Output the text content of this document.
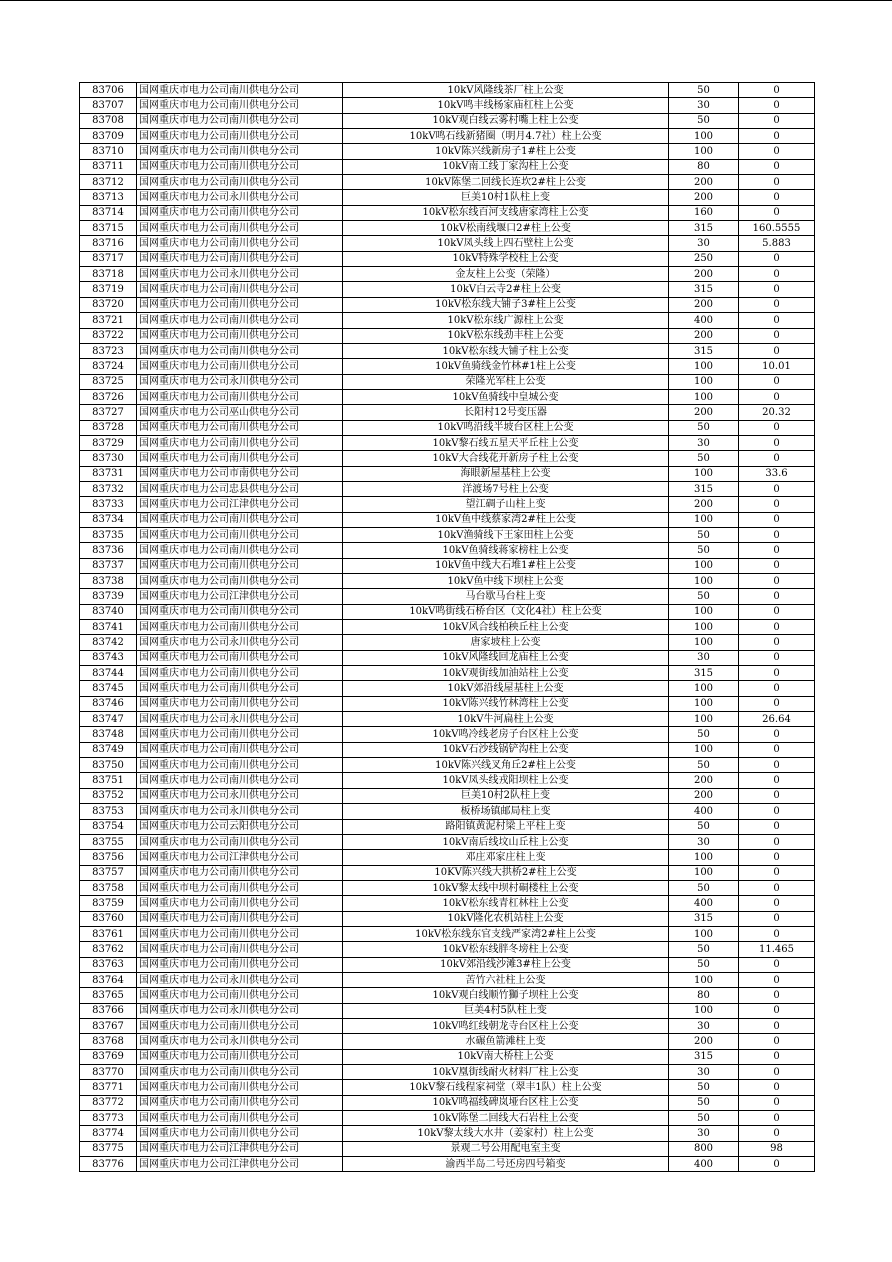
83706	国网重庆市电力公司南川供电分公司	10kV风隆线茶厂柱上公变	50	0
83707	国网重庆市电力公司南川供电分公司	10kV鸣丰线杨家庙杠柱上公变	30	0
83708	国网重庆市电力公司南川供电分公司	10kV观白线云雾村嘴上柱上公变	50	0
83709	国网重庆市电力公司南川供电分公司	10kV鸣石线新猪圈（明月4.7社）柱上公变	100	0
83710	国网重庆市电力公司南川供电分公司	10kV陈兴线新房子1#柱上公变	100	0
83711	国网重庆市电力公司南川供电分公司	10kV南工线丁家沟柱上公变	80	0
83712	国网重庆市电力公司南川供电分公司	10kV陈堡二回线长连坎2#柱上公变	200	0
83713	国网重庆市电力公司永川供电分公司	巨美10村1队柱上变	200	0
83714	国网重庆市电力公司南川供电分公司	10kV松东线百河支线唐家湾柱上公变	160	0
83715	国网重庆市电力公司南川供电分公司	10kV松南线堰口2#柱上公变	315	160.5555
83716	国网重庆市电力公司南川供电分公司	10kV凤头线上四石壁柱上公变	30	5.883
83717	国网重庆市电力公司南川供电分公司	10kV特殊学校柱上公变	250	0
83718	国网重庆市电力公司永川供电分公司	金友柱上公变（荣隆）	200	0
83719	国网重庆市电力公司南川供电分公司	10kV白云寺2#柱上公变	315	0
83720	国网重庆市电力公司南川供电分公司	10kV松东线大铺子3#柱上公变	200	0
83721	国网重庆市电力公司南川供电分公司	10kV松东线广源柱上公变	400	0
83722	国网重庆市电力公司南川供电分公司	10kV松东线劲丰柱上公变	200	0
83723	国网重庆市电力公司南川供电分公司	10kV松东线大铺子柱上公变	315	0
83724	国网重庆市电力公司南川供电分公司	10kV鱼骑线金竹林#1柱上公变	100	10.01
83725	国网重庆市电力公司永川供电分公司	荣隆光军柱上公变	100	0
83726	国网重庆市电力公司南川供电分公司	10kV鱼骑线中皇城公变	100	0
83727	国网重庆市电力公司巫山供电分公司	长阳村12号变压器	200	20.32
83728	国网重庆市电力公司南川供电分公司	10kV鸣沿线半坡台区柱上公变	50	0
83729	国网重庆市电力公司南川供电分公司	10kV黎石线五星天平丘柱上公变	30	0
83730	国网重庆市电力公司南川供电分公司	10kV大合线花开新房子柱上公变	50	0
83731	国网重庆市电力公司市南供电分公司	海眼新屋基柱上公变	100	33.6
83732	国网重庆市电力公司忠县供电分公司	洋渡场7号柱上公变	315	0
83733	国网重庆市电力公司江津供电分公司	望江碉子山柱上变	200	0
83734	国网重庆市电力公司南川供电分公司	10kV鱼中线蔡家湾2#柱上公变	100	0
83735	国网重庆市电力公司南川供电分公司	10kV渔骑线下王家田柱上公变	50	0
83736	国网重庆市电力公司南川供电分公司	10kV鱼骑线蒋家榜柱上公变	50	0
83737	国网重庆市电力公司南川供电分公司	10kV鱼中线大石堆1#柱上公变	100	0
83738	国网重庆市电力公司南川供电分公司	10kV鱼中线下坝柱上公变	100	0
83739	国网重庆市电力公司江津供电分公司	马台歇马台柱上变	50	0
83740	国网重庆市电力公司南川供电分公司	10kV鸣街线石桥台区（文化4社）柱上公变	100	0
83741	国网重庆市电力公司南川供电分公司	10kV风合线柏秧丘柱上公变	100	0
83742	国网重庆市电力公司永川供电分公司	唐家坡柱上公变	100	0
83743	国网重庆市电力公司南川供电分公司	10kV风隆线回龙庙柱上公变	30	0
83744	国网重庆市电力公司南川供电分公司	10kV观街线加油站柱上公变	315	0
83745	国网重庆市电力公司南川供电分公司	10kV郊沿线屋基柱上公变	100	0
83746	国网重庆市电力公司南川供电分公司	10kV陈兴线竹林湾柱上公变	100	0
83747	国网重庆市电力公司永川供电分公司	10kV牛河扁柱上公变	100	26.64
83748	国网重庆市电力公司南川供电分公司	10kV鸣冷线老房子台区柱上公变	50	0
83749	国网重庆市电力公司南川供电分公司	10kV石沙线锅铲沟柱上公变	100	0
83750	国网重庆市电力公司南川供电分公司	10kV陈兴线叉角丘2#柱上公变	50	0
83751	国网重庆市电力公司南川供电分公司	10kV凤头线戎阳坝柱上公变	200	0
83752	国网重庆市电力公司永川供电分公司	巨美10村2队柱上变	200	0
83753	国网重庆市电力公司永川供电分公司	板桥场镇邮局柱上变	400	0
83754	国网重庆市电力公司云阳供电分公司	路阳镇黄泥村梁上平柱上变	50	0
83755	国网重庆市电力公司南川供电分公司	10kV南后线坟山丘柱上公变	30	0
83756	国网重庆市电力公司江津供电分公司	邓庄邓家庄柱上变	100	0
83757	国网重庆市电力公司南川供电分公司	10KV陈兴线大拱桥2#柱上公变	100	0
83758	国网重庆市电力公司南川供电分公司	10kV黎太线中坝村硐楼柱上公变	50	0
83759	国网重庆市电力公司南川供电分公司	10kV松东线青杠林柱上公变	400	0
83760	国网重庆市电力公司南川供电分公司	10kV隆化农机站柱上公变	315	0
83761	国网重庆市电力公司南川供电分公司	10kV松东线东官支线严家湾2#柱上公变	100	0
83762	国网重庆市电力公司南川供电分公司	10kV松东线胖冬塝柱上公变	50	11.465
83763	国网重庆市电力公司南川供电分公司	10kV郊沿线沙滩3#柱上公变	50	0
83764	国网重庆市电力公司永川供电分公司	苦竹六社柱上公变	100	0
83765	国网重庆市电力公司南川供电分公司	10kV观白线顺竹獅子坝柱上公变	80	0
83766	国网重庆市电力公司永川供电分公司	巨美4村5队柱上变	100	0
83767	国网重庆市电力公司南川供电分公司	10kV鸣红线朝龙寺台区柱上公变	30	0
83768	国网重庆市电力公司永川供电分公司	水碾鱼箭滩柱上变	200	0
83769	国网重庆市电力公司南川供电分公司	10kV南大桥柱上公变	315	0
83770	国网重庆市电力公司南川供电分公司	10kV凰街线耐火材料厂柱上公变	30	0
83771	国网重庆市电力公司南川供电分公司	10kV黎石线程家祠堂（翠丰1队）柱上公变	50	0
83772	国网重庆市电力公司南川供电分公司	10kV鸣福线碑岚垭台区柱上公变	50	0
83773	国网重庆市电力公司南川供电分公司	10kV陈堡二回线大石岩柱上公变	50	0
83774	国网重庆市电力公司南川供电分公司	10kV黎太线大水井（姜家村）柱上公变	30	0
83775	国网重庆市电力公司江津供电分公司	景观二号公用配电室主变	800	98
83776	国网重庆市电力公司江津供电分公司	渝西半岛二号还房四号箱变	400	0
